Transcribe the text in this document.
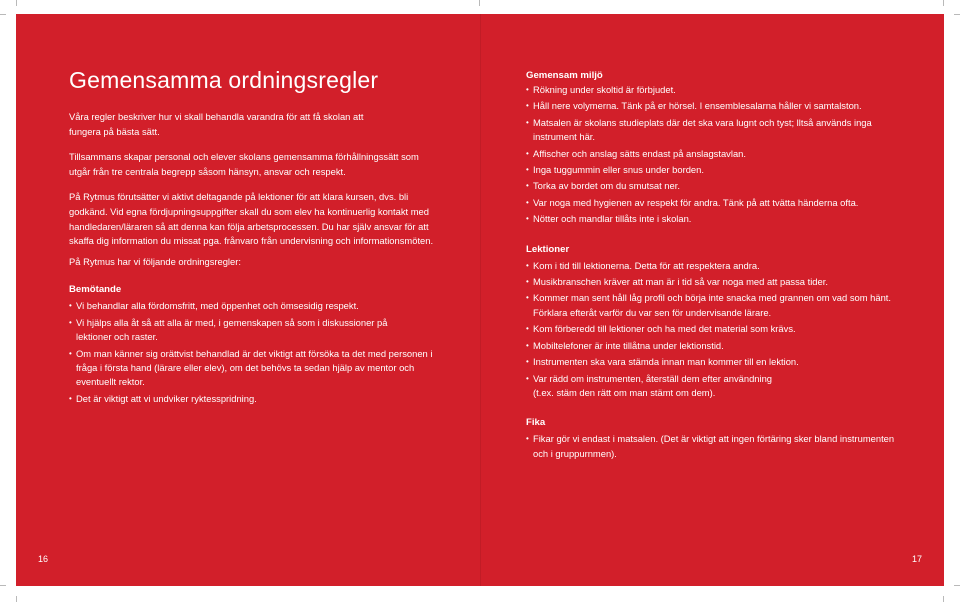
Gemensamma ordningsregler

Våra regler beskriver hur vi skall behandla varandra för att få skolan att fungera på bästa sätt.

Tillsammans skapar personal och elever skolans gemensamma förhållningssätt som utgår från tre centrala begrepp såsom hänsyn, ansvar och respekt.

På Rytmus förutsätter vi aktivt deltagande på lektioner för att klara kursen, dvs. bli godkänd. Vid egna fördjupningsuppgifter skall du som elev ha kontinuerlig kontakt med handledaren/läraren så att denna kan följa arbetsprocessen. Du har själv ansvar för att skaffa dig information du missat pga. frånvaro från undervisning och informationsmöten.

På Rytmus har vi följande ordningsregler:

Bemötande
• Vi behandlar alla fördomsfritt, med öppenhet och ömsesidig respekt.
• Vi hjälps alla åt så att alla är med, i gemenskapen så som i diskussioner på lektioner och raster.
• Om man känner sig orättvist behandlad är det viktigt att försöka ta det med personen i fråga i första hand (lärare eller elev), om det behövs ta sedan hjälp av mentor och eventuellt rektor.
• Det är viktigt att vi undviker ryktesspridning.
Gemensam miljö
• Rökning under skoltid är förbjudet.
• Håll nere volymerna. Tänk på er hörsel. I ensemblesalarna håller vi samtalston.
• Matsalen är skolans studieplats där det ska vara lugnt och tyst; lltså används inga instrument här.
• Affischer och anslag sätts endast på anslagstavlan.
• Inga tuggummin eller snus under borden.
• Torka av bordet om du smutsat ner.
• Var noga med hygienen av respekt för andra. Tänk på att tvätta händerna ofta.
• Nötter och mandlar tillåts inte i skolan.
Lektioner
• Kom i tid till lektionerna. Detta för att respektera andra.
• Musikbranschen kräver att man är i tid så var noga med att passa tider.
• Kommer man sent håll låg profil och börja inte snacka med grannen om vad som hänt. Förklara efteråt varför du var sen för undervisande lärare.
• Kom förberedd till lektioner och ha med det material som krävs.
• Mobiltelefoner är inte tillåtna under lektionstid.
• Instrumenten ska vara stämda innan man kommer till en lektion.
• Var rädd om instrumenten, återställ dem efter användning (t.ex. stäm den rätt om man stämt om dem).
Fika
• Fikar gör vi endast i matsalen. (Det är viktigt att ingen förtäring sker bland instrumenten och i gruppurnmen).
16	17
